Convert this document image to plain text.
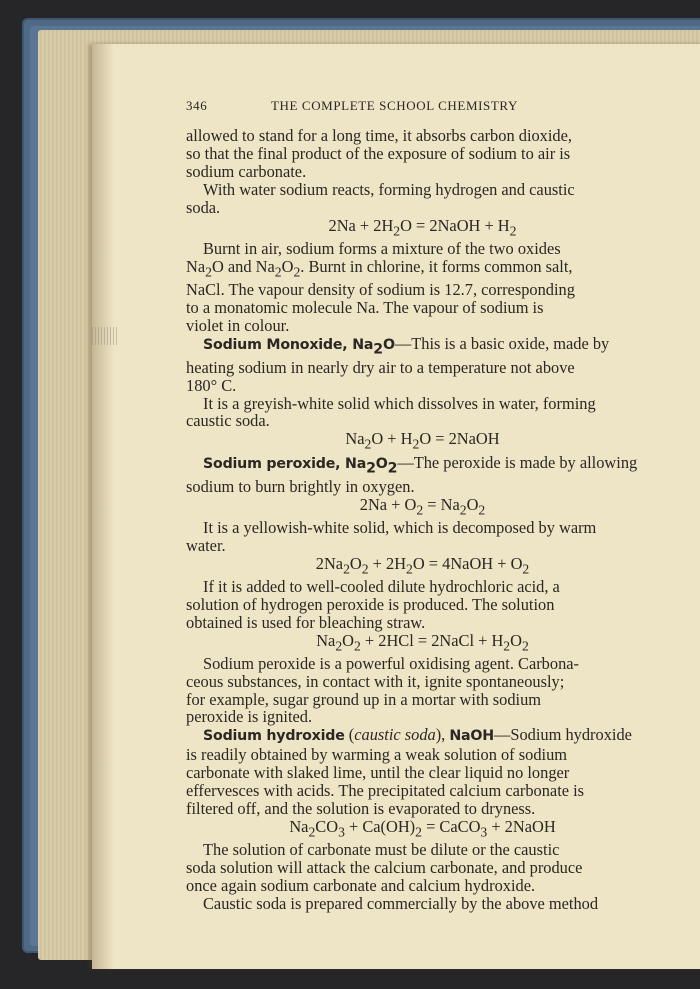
346	THE COMPLETE SCHOOL CHEMISTRY

allowed to stand for a long time, it absorbs carbon dioxide,

so that the final product of the exposure of sodium to air is

sodium carbonate.

With water sodium reacts, forming hydrogen and caustic

soda.

$2Na + 2H_2O$ = 2NaOH + $H_2$

Burnt in air, sodium forms a mixture of the two oxides

$Na_2O$ and $Na_2O_2$. Burnt in chlorine, it forms common salt,

NaCl. The vapour density of sodium is 12.7, corresponding

to a monatomic molecule Na. The vapour of sodium is

violet in colour.

Sodium Monoxide, $Na_2O—This$ is a basic oxide, made by

heating sodium in nearly dry air to a temperature not above

180° C.

It is a greyish-white solid which dissolves in water, forming

caustic soda.

$Na_2O + H_2O$ = 2NaOH

Sodium peroxide, $Na_2O_2—The$ peroxide is made by allowing

sodium to burn brightly in oxygen.

$2Na + O_2 = Na_2O_2$

It is a yellowish-white solid, which is decomposed by warm

water.

$2Na_2O_2 + 2H_2O$ = 4NaOH + $O_2$

If it is added to well-cooled dilute hydrochloric acid, a

solution of hydrogen peroxide is produced. The solution

obtained is used for bleaching straw.

$Na_2O_2 + 2HCl$ = 2NaCl + $H_2O_2$

Sodium peroxide is a powerful oxidising agent. Carbona-

ceous substances, in contact with it, ignite spontaneously;

for example, sugar ground up in a mortar with sodium

peroxide is ignited.

Sodium hydroxide (caustic soda), NaOH—Sodium hydroxide

is readily obtained by warming a weak solution of sodium

carbonate with slaked lime, until the clear liquid no longer

effervesces with acids. The precipitated calcium carbonate is

filtered off, and the solution is evaporated to dryness.

$Na_2CO_3 + Ca(OH)_2$ = CaCO$_3$ + 2NaOH

The solution of carbonate must be dilute or the caustic

soda solution will attack the calcium carbonate, and produce

once again sodium carbonate and calcium hydroxide.

Caustic soda is prepared commercially by the above method
